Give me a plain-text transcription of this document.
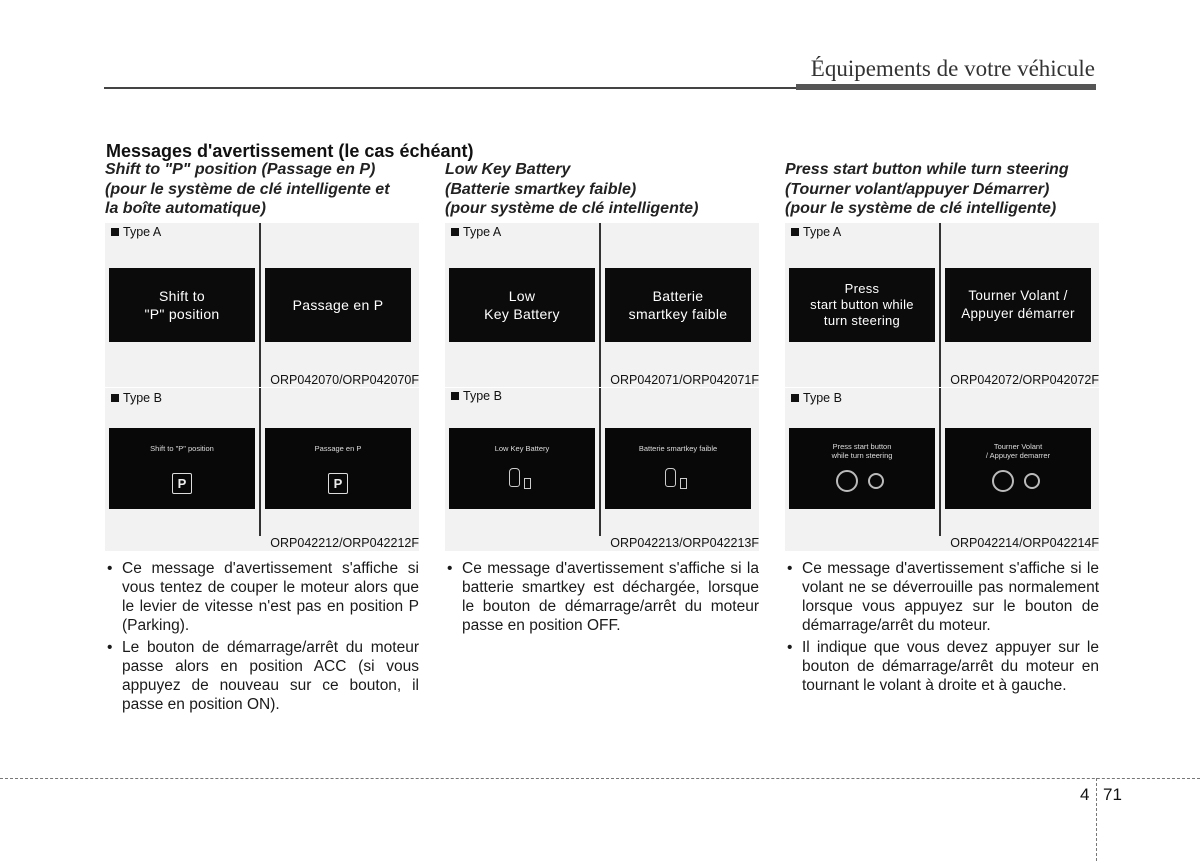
Équipements de votre véhicule
Messages d'avertissement (le cas échéant)
Shift to "P" position (Passage en P)
(pour le système de clé intelligente et
la boîte automatique)
Type A
Shift to
"P" position
Passage en P
ORP042070/ORP042070F
Type B
Shift to "P" position
P
Passage en P
P
ORP042212/ORP042212F
• Ce message d'avertissement s'affiche si vous tentez de couper le moteur alors que le levier de vitesse n'est pas en position P (Parking).
• Le bouton de démarrage/arrêt du moteur passe alors en position ACC (si vous appuyez de nouveau sur ce bouton, il passe en position ON).
Low Key Battery
(Batterie smartkey faible)
(pour système de clé intelligente)
Type A
Low
Key Battery
Batterie
smartkey faible
ORP042071/ORP042071F
Type B
Low Key Battery	Batterie smartkey faible
ORP042213/ORP042213F
• Ce message d'avertissement s'affiche si la batterie smartkey est déchargée, lorsque le bouton de démarrage/arrêt du moteur passe en position OFF.
Press start button while turn steering
(Tourner volant/appuyer Démarrer)
(pour le système de clé intelligente)
Type A
Press
start button while
turn steering
Tourner Volant /
Appuyer démarrer
ORP042072/ORP042072F
Type B
Press start button
while turn steering
Tourner Volant
/ Appuyer demarrer
ORP042214/ORP042214F
• Ce message d'avertissement s'affiche si le volant ne se déverrouille pas normalement lorsque vous appuyez sur le bouton de démarrage/arrêt du moteur.
• Il indique que vous devez appuyer sur le bouton de démarrage/arrêt du moteur en tournant le volant à droite et à gauche.
4 71
